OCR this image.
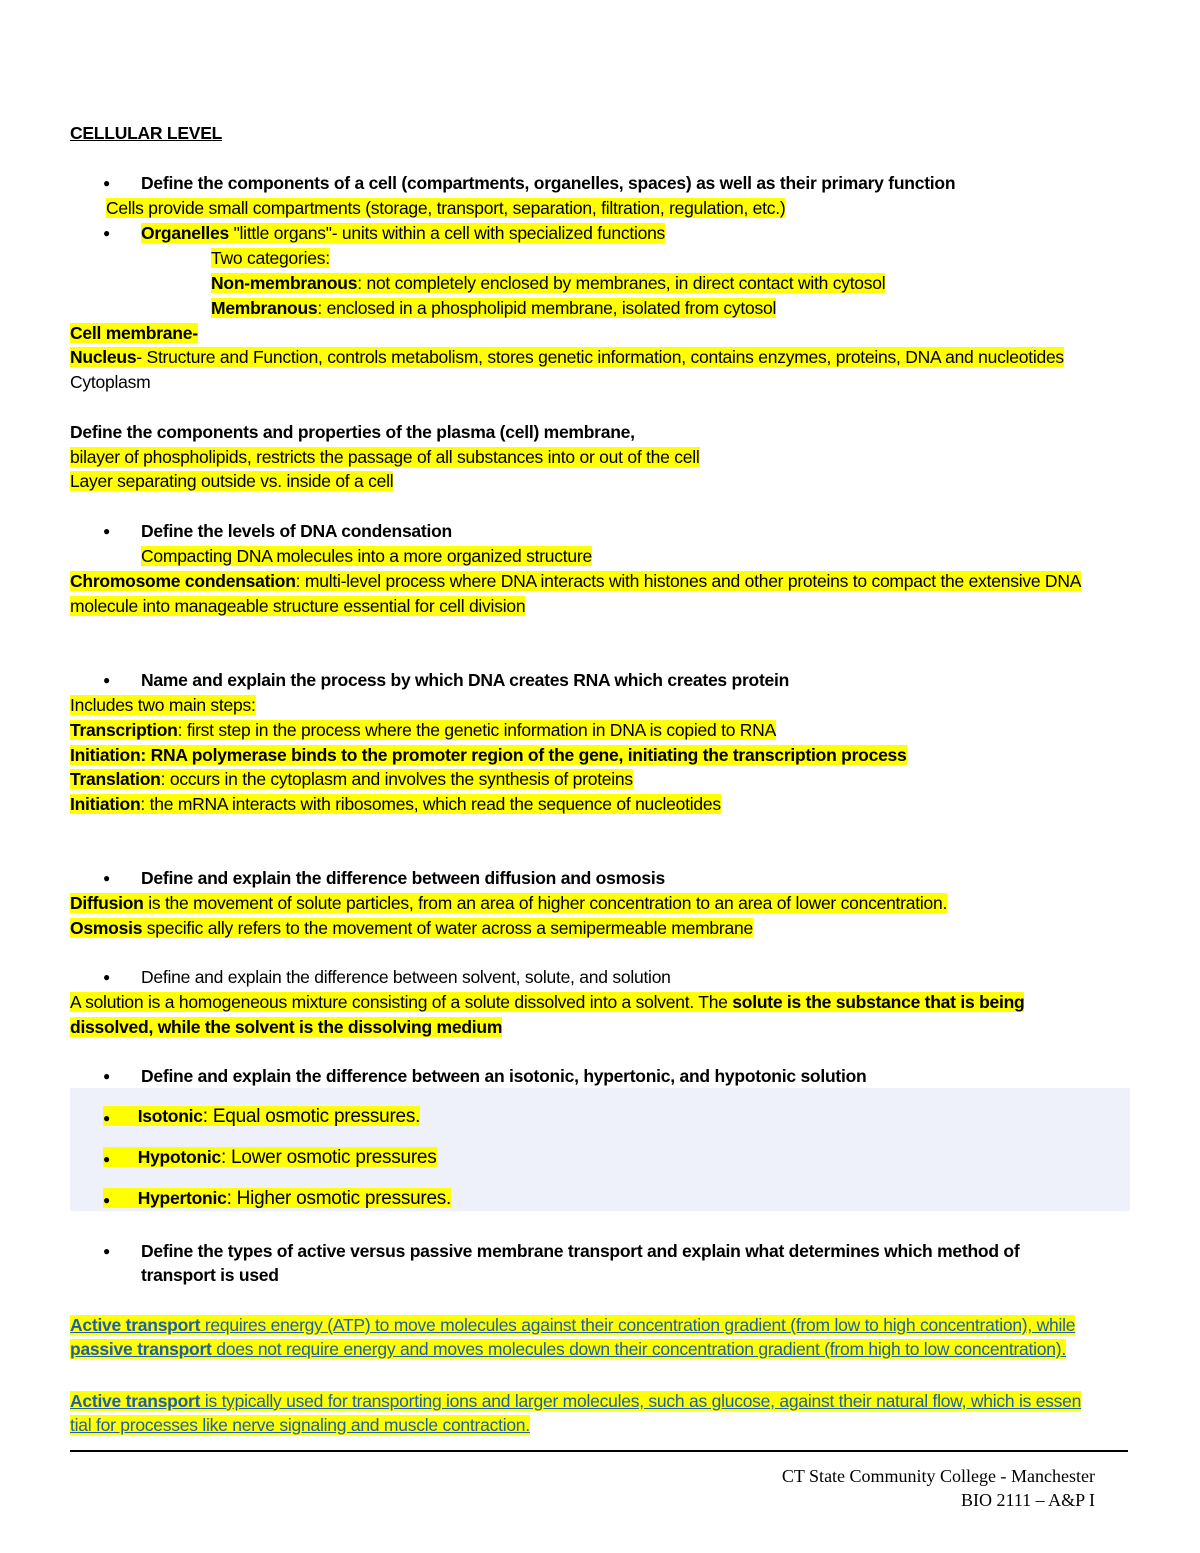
CELLULAR LEVEL
● Define the components of a cell (compartments, organelles, spaces) as well as their primary function
Cells provide small compartments (storage, transport, separation, filtration, regulation, etc.)
● Organelles "little organs"- units within a cell with specialized functions
Two categories:
Non-membranous: not completely enclosed by membranes, in direct contact with cytosol
Membranous: enclosed in a phospholipid membrane, isolated from cytosol
Cell membrane-
Nucleus- Structure and Function, controls metabolism, stores genetic information, contains enzymes, proteins, DNA and nucleotides
Cytoplasm
Define the components and properties of the plasma (cell) membrane,
bilayer of phospholipids, restricts the passage of all substances into or out of the cell
Layer separating outside vs. inside of a cell
● Define the levels of DNA condensation
Compacting DNA molecules into a more organized structure
Chromosome condensation: multi-level process where DNA interacts with histones and other proteins to compact the extensive DNA
molecule into manageable structure essential for cell division
● Name and explain the process by which DNA creates RNA which creates protein
Includes two main steps:
Transcription: first step in the process where the genetic information in DNA is copied to RNA
Initiation: RNA polymerase binds to the promoter region of the gene, initiating the transcription process
Translation: occurs in the cytoplasm and involves the synthesis of proteins
Initiation: the mRNA interacts with ribosomes, which read the sequence of nucleotides
● Define and explain the difference between diffusion and osmosis
Diffusion is the movement of solute particles, from an area of higher concentration to an area of lower concentration.
Osmosis specific ally refers to the movement of water across a semipermeable membrane
● Define and explain the difference between solvent, solute, and solution
A solution is a homogeneous mixture consisting of a solute dissolved into a solvent. The solute is the substance that is being
dissolved, while the solvent is the dissolving medium
● Define and explain the difference between an isotonic, hypertonic, and hypotonic solution
● Isotonic: Equal osmotic pressures.
● Hypotonic: Lower osmotic pressures
● Hypertonic: Higher osmotic pressures.
● Define the types of active versus passive membrane transport and explain what determines which method of
transport is used
Active transport requires energy (ATP) to move molecules against their concentration gradient (from low to high concentration), while
passive transport does not require energy and moves molecules down their concentration gradient (from high to low concentration).
Active transport is typically used for transporting ions and larger molecules, such as glucose, against their natural flow, which is essen
tial for processes like nerve signaling and muscle contraction.
CT State Community College - Manchester
BIO 2111 – A&P I
